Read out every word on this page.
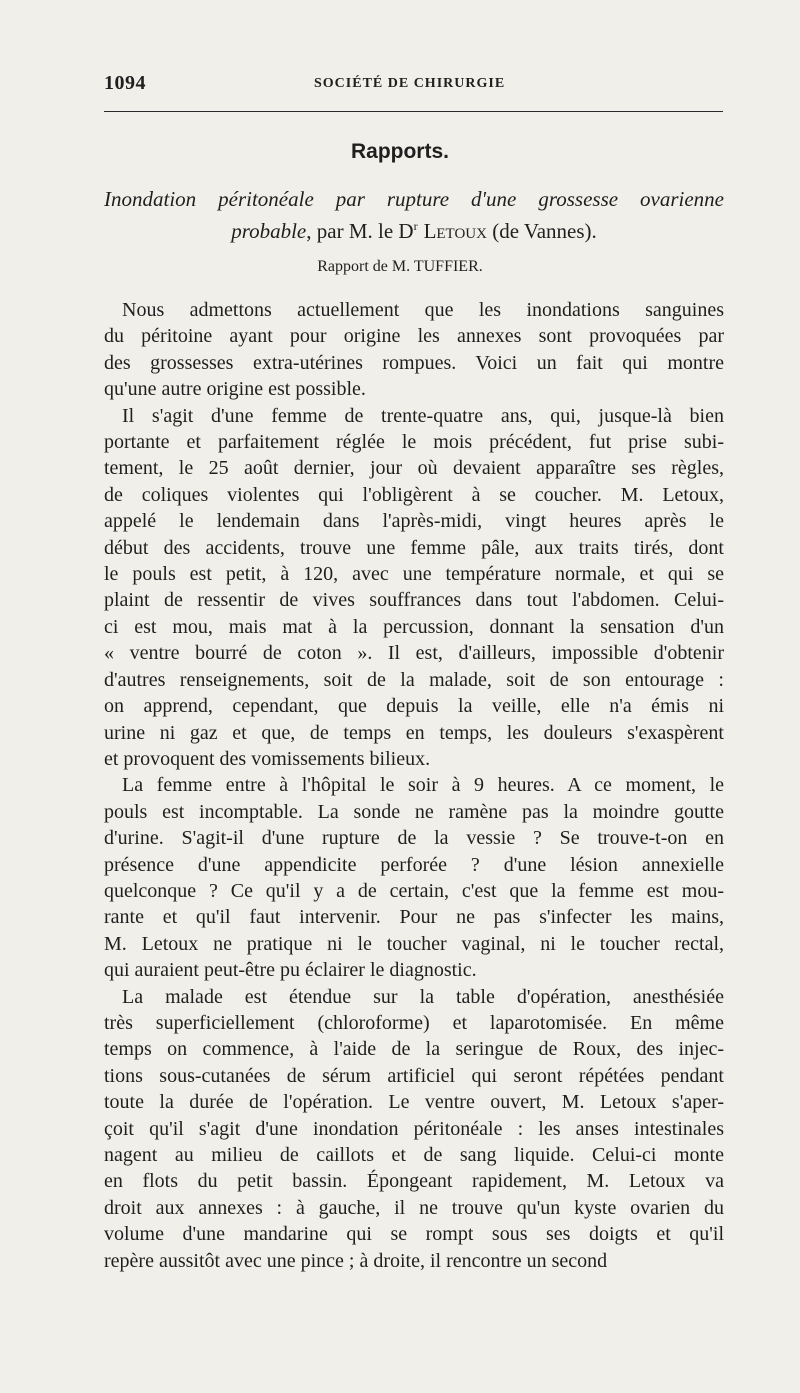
1094	SOCIÉTÉ DE CHIRURGIE
Rapports.
Inondation péritonéale par rupture d'une grossesse ovarienne
probable, par M. le $D^r$ Letoux (de Vannes).
Rapport de M. TUFFIER.
Nous admettons actuellement que les inondations sanguines
du péritoine ayant pour origine les annexes sont provoquées par
des grossesses extra-utérines rompues. Voici un fait qui montre
qu'une autre origine est possible.
Il s'agit d'une femme de trente-quatre ans, qui, jusque-là bien
portante et parfaitement réglée le mois précédent, fut prise subi-
tement, le 25 août dernier, jour où devaient apparaître ses règles,
de coliques violentes qui l'obligèrent à se coucher. M. Letoux,
appelé le lendemain dans l'après-midi, vingt heures après le
début des accidents, trouve une femme pâle, aux traits tirés, dont
le pouls est petit, à 120, avec une température normale, et qui se
plaint de ressentir de vives souffrances dans tout l'abdomen. Celui-
ci est mou, mais mat à la percussion, donnant la sensation d'un
« ventre bourré de coton ». Il est, d'ailleurs, impossible d'obtenir
d'autres renseignements, soit de la malade, soit de son entourage :
on apprend, cependant, que depuis la veille, elle n'a émis ni
urine ni gaz et que, de temps en temps, les douleurs s'exaspèrent
et provoquent des vomissements bilieux.
La femme entre à l'hôpital le soir à 9 heures. A ce moment, le
pouls est incomptable. La sonde ne ramène pas la moindre goutte
d'urine. S'agit-il d'une rupture de la vessie ? Se trouve-t-on en
présence d'une appendicite perforée ? d'une lésion annexielle
quelconque ? Ce qu'il y a de certain, c'est que la femme est mou-
rante et qu'il faut intervenir. Pour ne pas s'infecter les mains,
M. Letoux ne pratique ni le toucher vaginal, ni le toucher rectal,
qui auraient peut-être pu éclairer le diagnostic.
La malade est étendue sur la table d'opération, anesthésiée
très superficiellement (chloroforme) et laparotomisée. En même
temps on commence, à l'aide de la seringue de Roux, des injec-
tions sous-cutanées de sérum artificiel qui seront répétées pendant
toute la durée de l'opération. Le ventre ouvert, M. Letoux s'aper-
çoit qu'il s'agit d'une inondation péritonéale : les anses intestinales
nagent au milieu de caillots et de sang liquide. Celui-ci monte
en flots du petit bassin. Épongeant rapidement, M. Letoux va
droit aux annexes : à gauche, il ne trouve qu'un kyste ovarien du
volume d'une mandarine qui se rompt sous ses doigts et qu'il
repère aussitôt avec une pince ; à droite, il rencontre un second
